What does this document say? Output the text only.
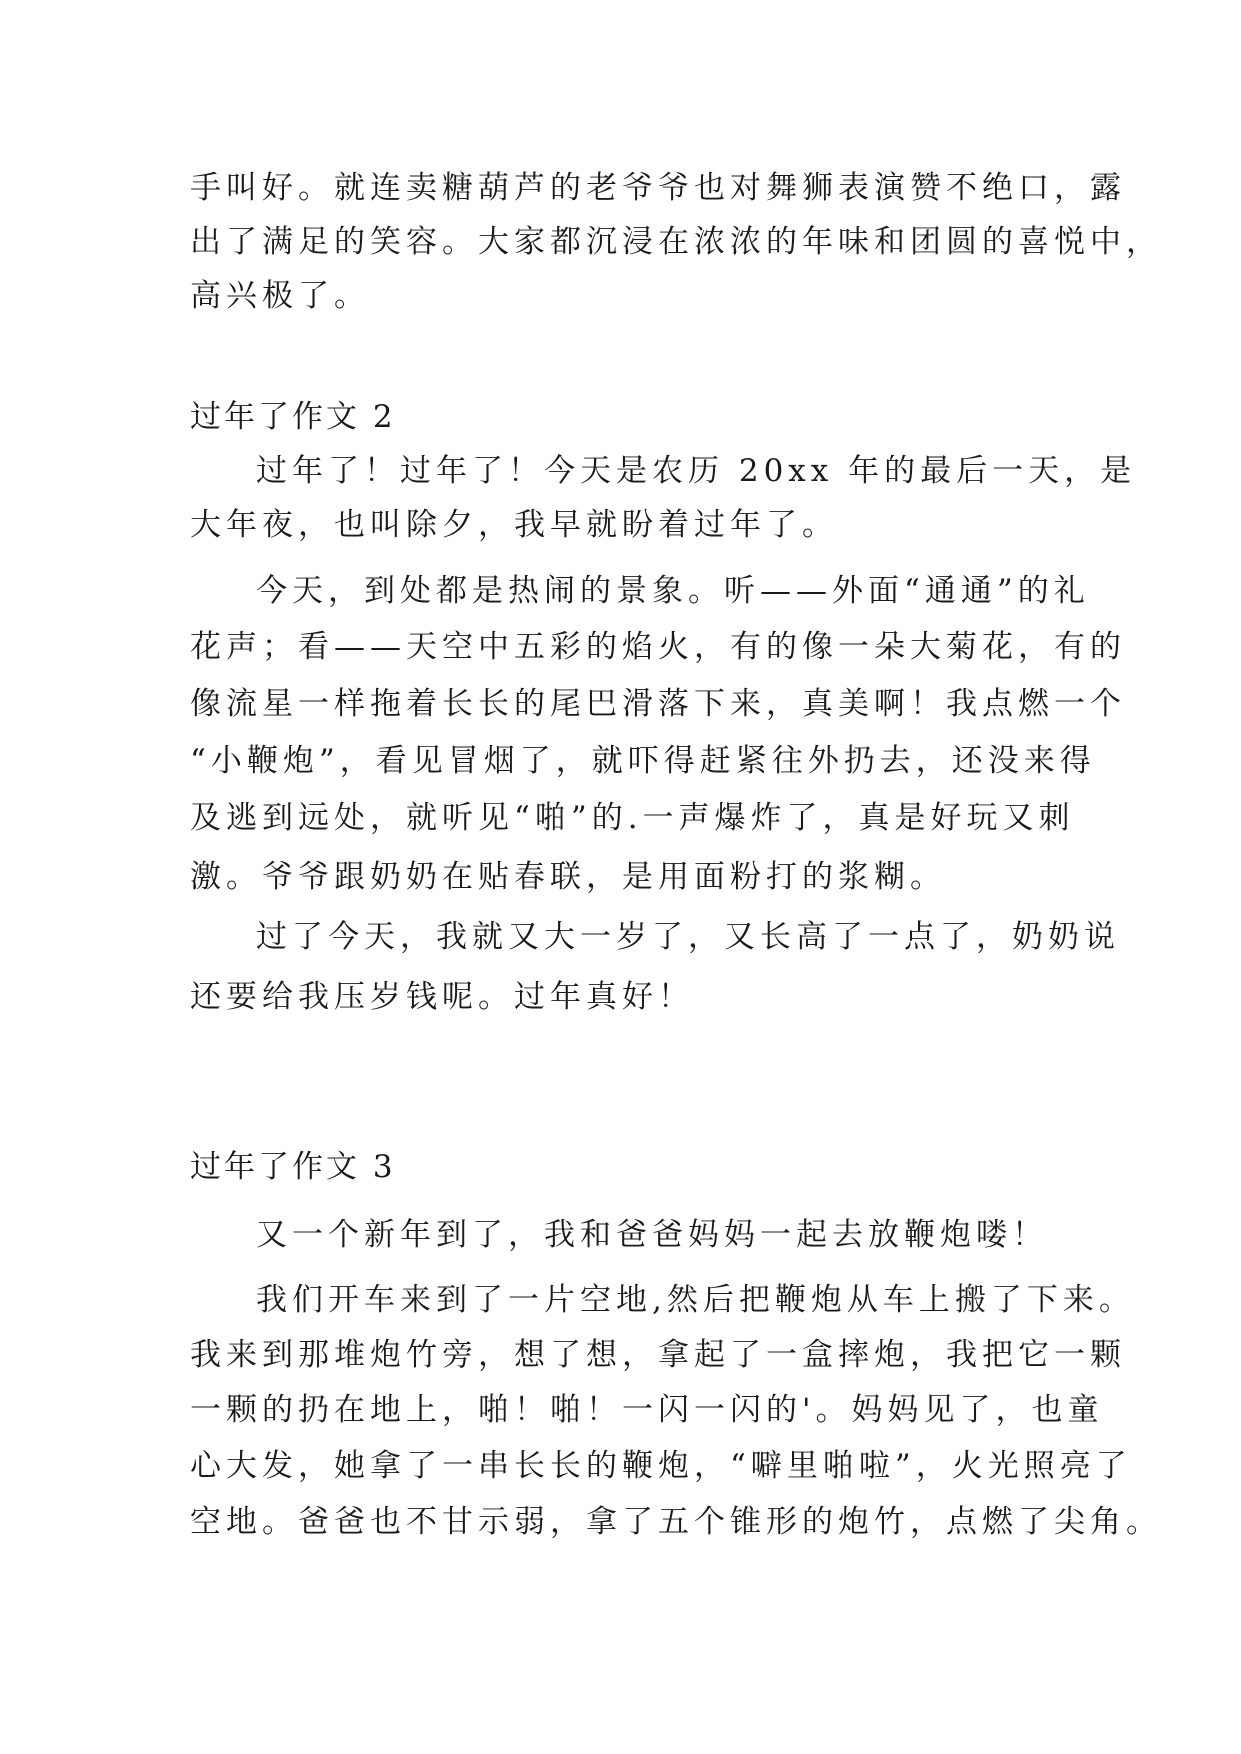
手叫好。就连卖糖葫芦的老爷爷也对舞狮表演赞不绝口，露
出了满足的笑容。大家都沉浸在浓浓的年味和团圆的喜悦中，
高兴极了。
过年了作文 2
过年了！过年了！今天是农历 20xx 年的最后一天，是
大年夜，也叫除夕，我早就盼着过年了。
今天，到处都是热闹的景象。听——外面“通通”的礼
花声；看——天空中五彩的焰火，有的像一朵大菊花，有的
像流星一样拖着长长的尾巴滑落下来，真美啊！我点燃一个
“小鞭炮”，看见冒烟了，就吓得赶紧往外扔去，还没来得
及逃到远处，就听见“啪”的.一声爆炸了，真是好玩又刺
激。爷爷跟奶奶在贴春联，是用面粉打的浆糊。
过了今天，我就又大一岁了，又长高了一点了，奶奶说
还要给我压岁钱呢。过年真好！
过年了作文 3
又一个新年到了，我和爸爸妈妈一起去放鞭炮喽！
我们开车来到了一片空地,然后把鞭炮从车上搬了下来。
我来到那堆炮竹旁，想了想，拿起了一盒摔炮，我把它一颗
一颗的扔在地上，啪！啪！一闪一闪的'。妈妈见了，也童
心大发，她拿了一串长长的鞭炮，“噼里啪啦”，火光照亮了
空地。爸爸也不甘示弱，拿了五个锥形的炮竹，点燃了尖角。
